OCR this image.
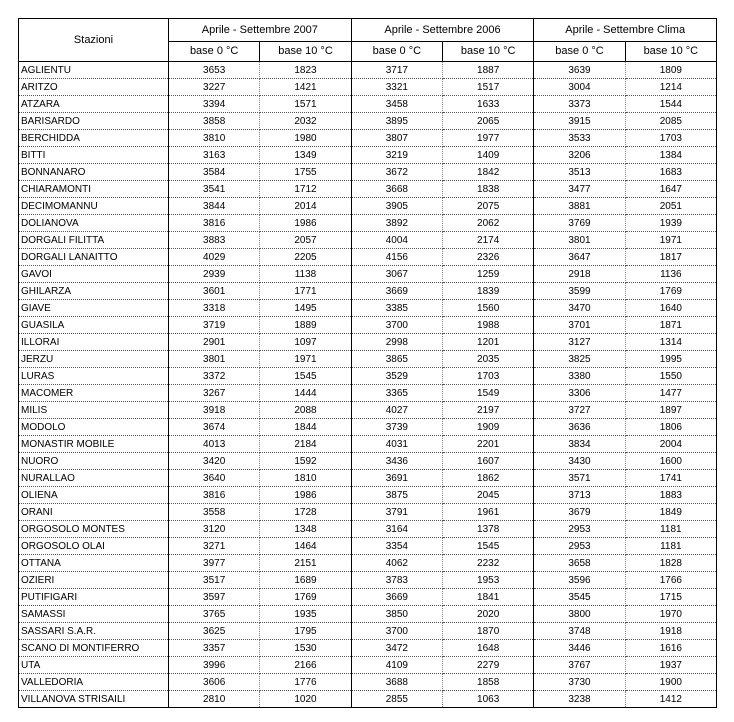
Stazioni	Aprile - Settembre 2007		Aprile - Settembre 2006		Aprile - Settembre Clima	
	base 0 °C	base 10 °C	base 0 °C	base 10 °C	base 0 °C	base 10 °C
AGLIENTU	3653	1823	3717	1887	3639	1809
ARITZO	3227	1421	3321	1517	3004	1214
ATZARA	3394	1571	3458	1633	3373	1544
BARISARDO	3858	2032	3895	2065	3915	2085
BERCHIDDA	3810	1980	3807	1977	3533	1703
BITTI	3163	1349	3219	1409	3206	1384
BONNANARO	3584	1755	3672	1842	3513	1683
CHIARAMONTI	3541	1712	3668	1838	3477	1647
DECIMOMANNU	3844	2014	3905	2075	3881	2051
DOLIANOVA	3816	1986	3892	2062	3769	1939
DORGALI FILITTA	3883	2057	4004	2174	3801	1971
DORGALI LANAITTO	4029	2205	4156	2326	3647	1817
GAVOI	2939	1138	3067	1259	2918	1136
GHILARZA	3601	1771	3669	1839	3599	1769
GIAVE	3318	1495	3385	1560	3470	1640
GUASILA	3719	1889	3700	1988	3701	1871
ILLORAI	2901	1097	2998	1201	3127	1314
JERZU	3801	1971	3865	2035	3825	1995
LURAS	3372	1545	3529	1703	3380	1550
MACOMER	3267	1444	3365	1549	3306	1477
MILIS	3918	2088	4027	2197	3727	1897
MODOLO	3674	1844	3739	1909	3636	1806
MONASTIR MOBILE	4013	2184	4031	2201	3834	2004
NUORO	3420	1592	3436	1607	3430	1600
NURALLAO	3640	1810	3691	1862	3571	1741
OLIENA	3816	1986	3875	2045	3713	1883
ORANI	3558	1728	3791	1961	3679	1849
ORGOSOLO MONTES	3120	1348	3164	1378	2953	1181
ORGOSOLO OLAI	3271	1464	3354	1545	2953	1181
OTTANA	3977	2151	4062	2232	3658	1828
OZIERI	3517	1689	3783	1953	3596	1766
PUTIFIGARI	3597	1769	3669	1841	3545	1715
SAMASSI	3765	1935	3850	2020	3800	1970
SASSARI S.A.R.	3625	1795	3700	1870	3748	1918
SCANO DI MONTIFERRO	3357	1530	3472	1648	3446	1616
UTA	3996	2166	4109	2279	3767	1937
VALLEDORIA	3606	1776	3688	1858	3730	1900
VILLANOVA STRISAILI	2810	1020	2855	1063	3238	1412
